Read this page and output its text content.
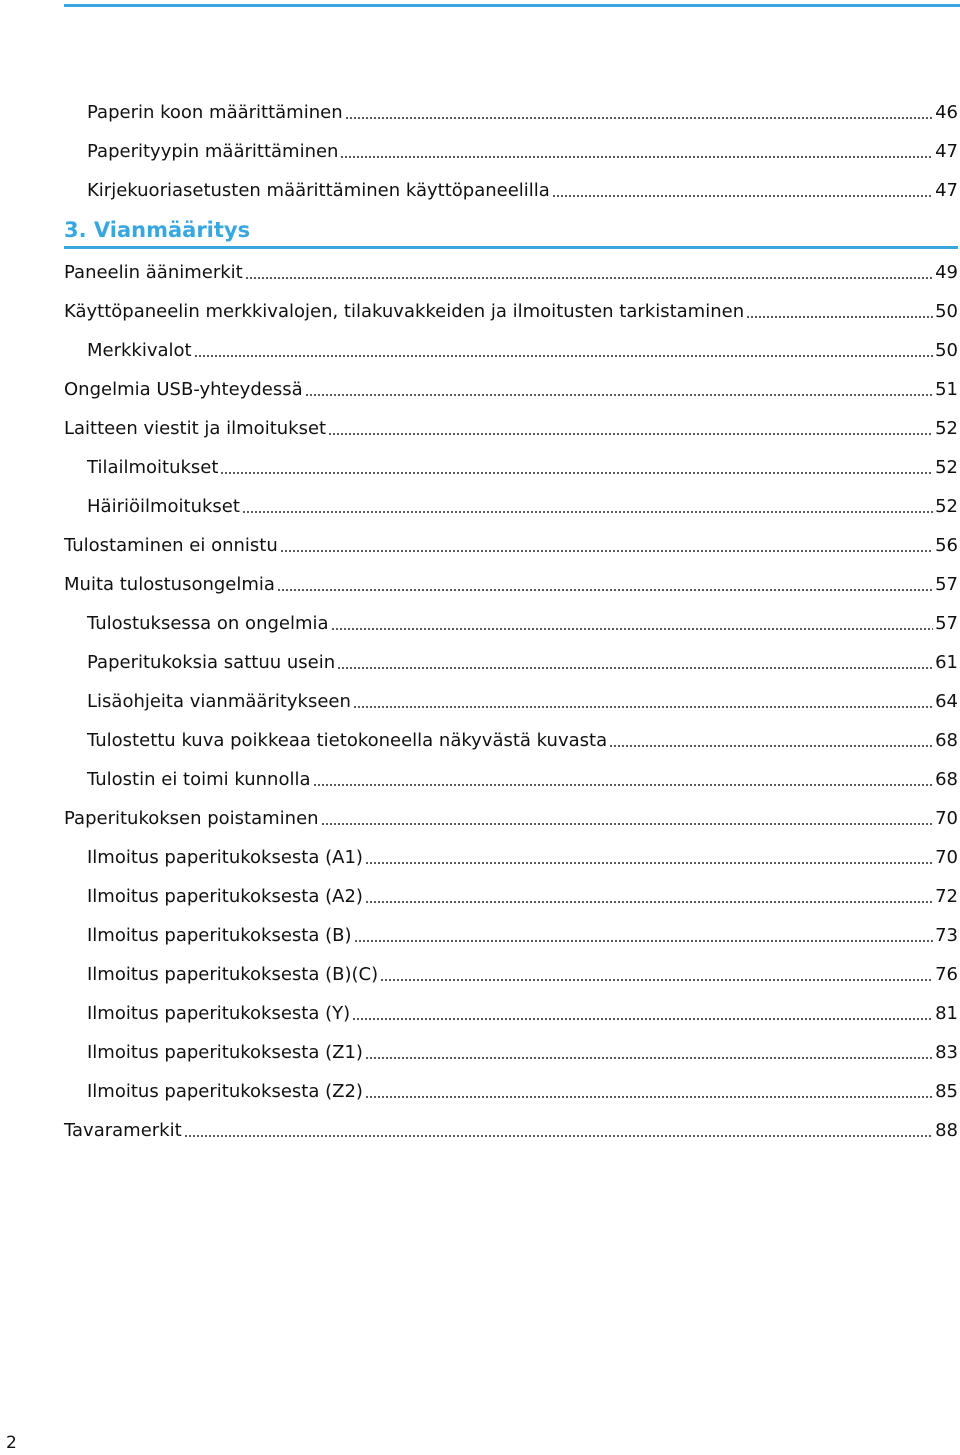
Paperin koon määrittäminen	46
Paperityypin määrittäminen	47
Kirjekuoriasetusten määrittäminen käyttöpaneelilla	47
3. Vianmääritys
Paneelin äänimerkit	49
Käyttöpaneelin merkkivalojen, tilakuvakkeiden ja ilmoitusten tarkistaminen	50
Merkkivalot	50
Ongelmia USB-yhteydessä	51
Laitteen viestit ja ilmoitukset	52
Tilailmoitukset	52
Häiriöilmoitukset	52
Tulostaminen ei onnistu	56
Muita tulostusongelmia	57
Tulostuksessa on ongelmia	57
Paperitukoksia sattuu usein	61
Lisäohjeita vianmääritykseen	64
Tulostettu kuva poikkeaa tietokoneella näkyvästä kuvasta	68
Tulostin ei toimi kunnolla	68
Paperitukoksen poistaminen	70
Ilmoitus paperitukoksesta (A1)	70
Ilmoitus paperitukoksesta (A2)	72
Ilmoitus paperitukoksesta (B)	73
Ilmoitus paperitukoksesta (B)(C)	76
Ilmoitus paperitukoksesta (Y)	81
Ilmoitus paperitukoksesta (Z1)	83
Ilmoitus paperitukoksesta (Z2)	85
Tavaramerkit	88
2
